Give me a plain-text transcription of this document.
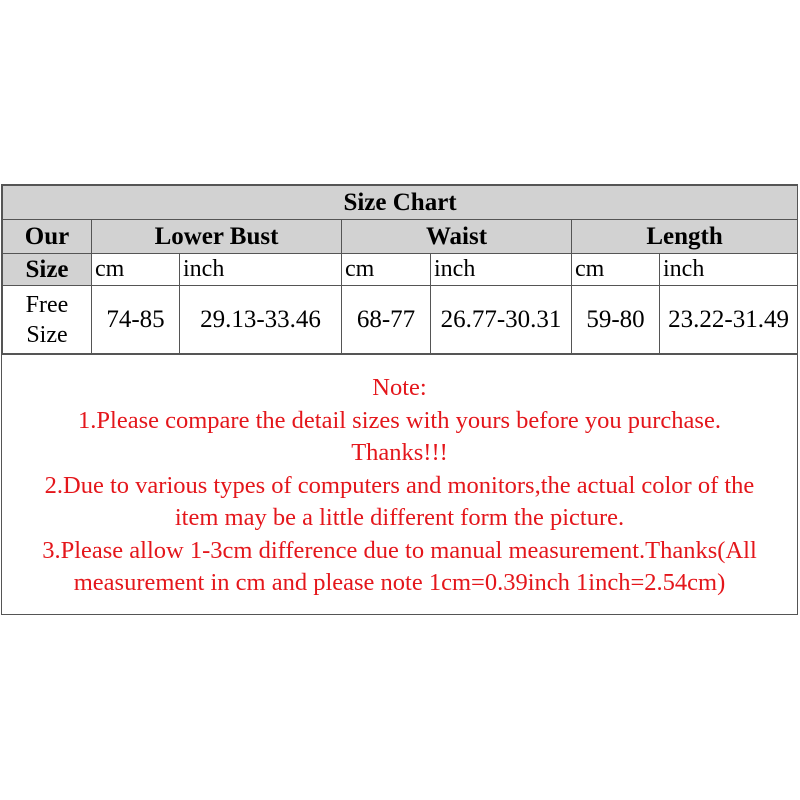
Size Chart						
Our	Lower Bust		Waist		Length	
Size	cm	inch	cm	inch	cm	inch

Free
Size	74-85	29.13-33.46	68-77	26.77-30.31	59-80	23.22-31.49
Note:
1.Please compare the detail sizes with yours before you purchase.
Thanks!!!
2.Due to various types of computers and monitors,the actual color of the
item may be a little different form the picture.
3.Please allow 1-3cm difference due to manual measurement.Thanks(All
measurement in cm and please note 1cm=0.39inch 1inch=2.54cm)
